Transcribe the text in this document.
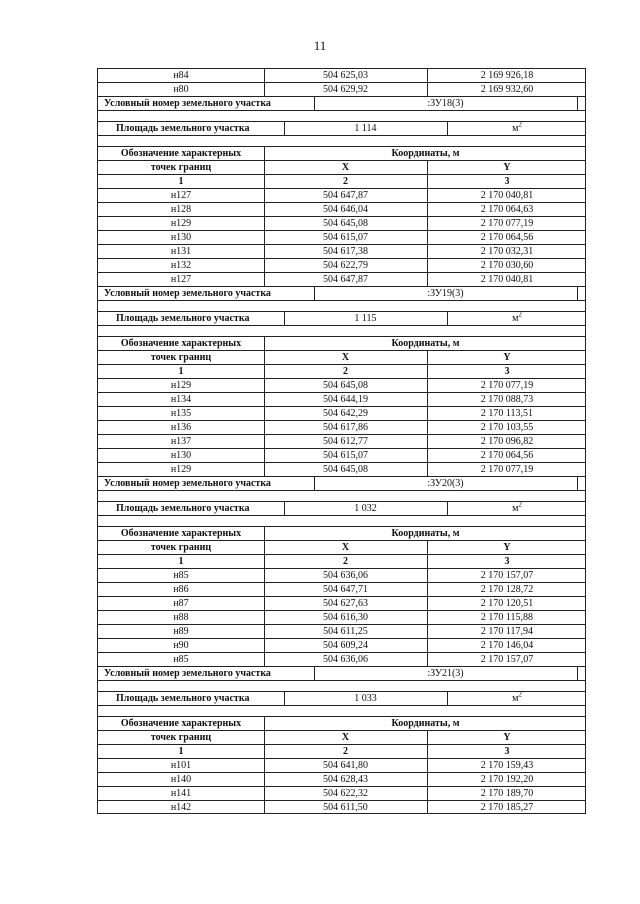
11
н84	504 625,03	2 169 926,18
н80	504 629,92	2 169 932,60
Условный номер земельного участка	:ЗУ18(3)
Площадь земельного участка	1 114	$м^2$
Обозначение характерных	Координаты, м
точек границ	X	Y
1	2	3
н127	504 647,87	2 170 040,81
н128	504 646,04	2 170 064,63
н129	504 645,08	2 170 077,19
н130	504 615,07	2 170 064,56
н131	504 617,38	2 170 032,31
н132	504 622,79	2 170 030,60
н127	504 647,87	2 170 040,81
Условный номер земельного участка	:ЗУ19(3)
Площадь земельного участка	1 115	$м^2$
Обозначение характерных	Координаты, м
точек границ	X	Y
1	2	3
н129	504 645,08	2 170 077,19
н134	504 644,19	2 170 088,73
н135	504 642,29	2 170 113,51
н136	504 617,86	2 170 103,55
н137	504 612,77	2 170 096,82
н130	504 615,07	2 170 064,56
н129	504 645,08	2 170 077,19
Условный номер земельного участка	:ЗУ20(3)
Площадь земельного участка	1 032	$м^2$
Обозначение характерных	Координаты, м
точек границ	X	Y
1	2	3
н85	504 636,06	2 170 157,07
н86	504 647,71	2 170 128,72
н87	504 627,63	2 170 120,51
н88	504 616,30	2 170 115,88
н89	504 611,25	2 170 117,94
н90	504 609,24	2 170 146,04
н85	504 636,06	2 170 157,07
Условный номер земельного участка	:ЗУ21(3)
Площадь земельного участка	1 033	$м^2$
Обозначение характерных	Координаты, м
точек границ	X	Y
1	2	3
н101	504 641,80	2 170 159,43
н140	504 628,43	2 170 192,20
н141	504 622,32	2 170 189,70
н142	504 611,50	2 170 185,27
